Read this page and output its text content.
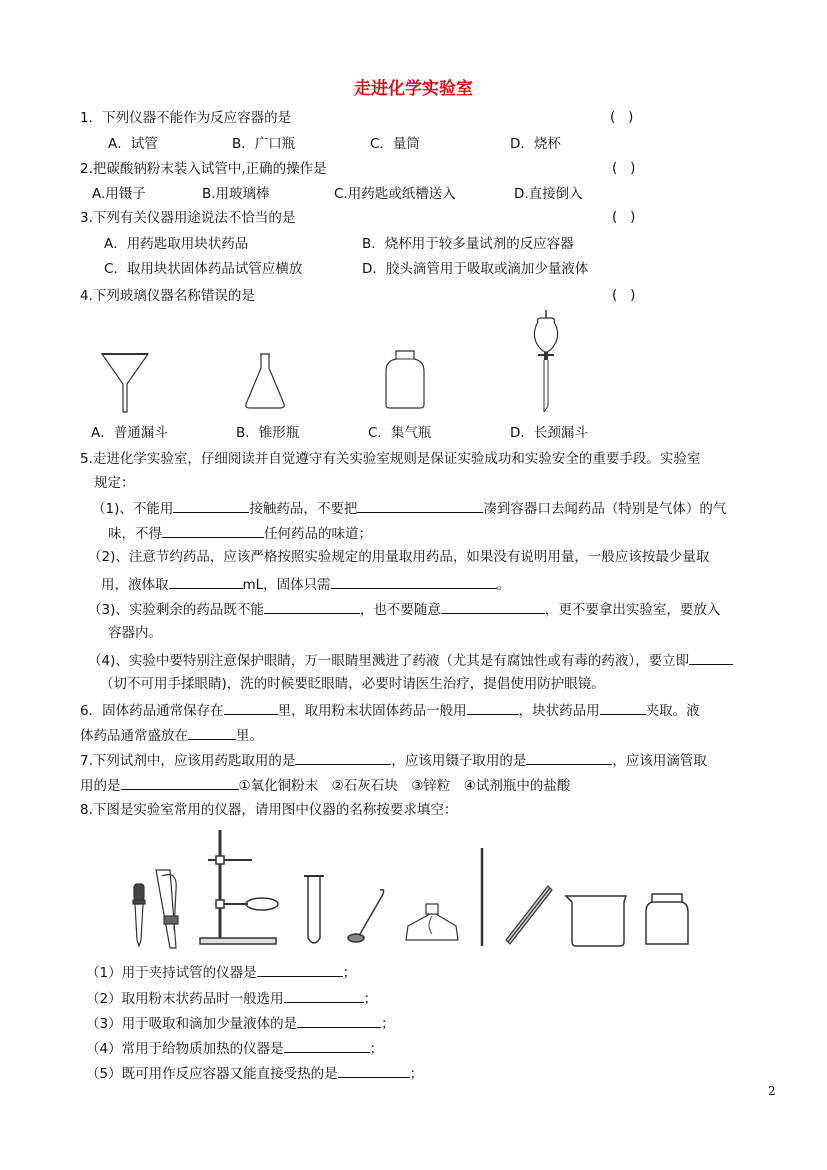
走进化学实验室
1．下列仪器不能作为反应容器的是	(   )
A．试管	B．广口瓶	C．量筒	D．烧杯
2.把碳酸钠粉末装入试管中,正确的操作是	(   )
A.用镊子	B.用玻璃棒	C.用药匙或纸槽送入	D.直接倒入
3.下列有关仪器用途说法不恰当的是	(   )
A．用药匙取用块状药品	B．烧杯用于较多量试剂的反应容器
C．取用块状固体药品试管应横放	D．胶头滴管用于吸取或滴加少量液体
4.下列玻璃仪器名称错误的是	(   )
A．普通漏斗	B．锥形瓶	C．集气瓶	D．长颈漏斗
5.走进化学实验室，仔细阅读并自觉遵守有关实验室规则是保证实验成功和实验安全的重要手段。实验室
规定：
（1)、不能用	接触药品，不要把	凑到容器口去闻药品（特别是气体）的气
味，不得	任何药品的味道；
（2)、注意节约药品，应该严格按照实验规定的用量取用药品，如果没有说明用量，一般应该按最少量取
用，液体取	mL，固体只需	。
（3)、实验剩余的药品既不能	，也不要随意	，更不要拿出实验室，要放入
容器内。
（4)、实验中要特别注意保护眼睛，万一眼睛里溅进了药液（尤其是有腐蚀性或有毒的药液），要立即
（切不可用手揉眼睛)，洗的时候要眨眼睛，必要时请医生治疗，提倡使用防护眼镜。
6．固体药品通常保存在	里，取用粉末状固体药品一般用	，块状药品用	夹取。液
体药品通常盛放在	里。
7.下列试剂中，应该用药匙取用的是	，应该用镊子取用的是	，应该用滴管取
用的是	①氧化铜粉末　②石灰石块　③锌粒　④试剂瓶中的盐酸
8.下图是实验室常用的仪器，请用图中仪器的名称按要求填空：
（1）用于夹持试管的仪器是	；
（2）取用粉末状药品时一般选用	；
（3）用于吸取和滴加少量液体的是	；
（4）常用于给物质加热的仪器是	；
（5）既可用作反应容器又能直接受热的是	；
2
